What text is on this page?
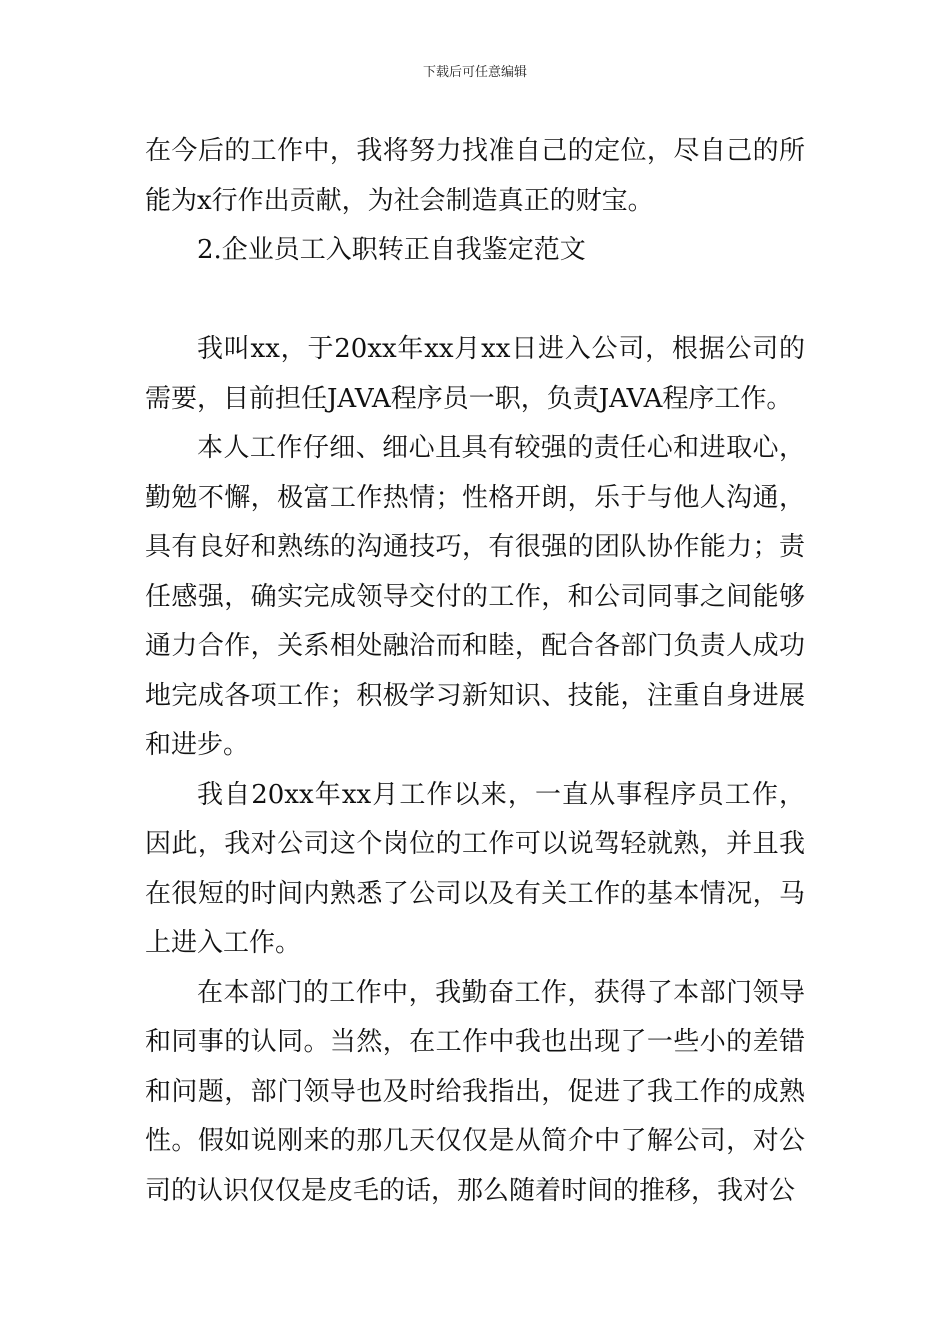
下载后可任意编辑

在今后的工作中，我将努力找准自己的定位，尽自己的所能为x行作出贡献，为社会制造真正的财宝。

2.企业员工入职转正自我鉴定范文

我叫xx，于20xx年xx月xx日进入公司，根据公司的需要，目前担任JAVA程序员一职，负责JAVA程序工作。

本人工作仔细、细心且具有较强的责任心和进取心，勤勉不懈，极富工作热情；性格开朗，乐于与他人沟通，具有良好和熟练的沟通技巧，有很强的团队协作能力；责任感强，确实完成领导交付的工作，和公司同事之间能够通力合作，关系相处融洽而和睦，配合各部门负责人成功地完成各项工作；积极学习新知识、技能，注重自身进展和进步。

我自20xx年xx月工作以来，一直从事程序员工作，因此，我对公司这个岗位的工作可以说驾轻就熟，并且我在很短的时间内熟悉了公司以及有关工作的基本情况，马上进入工作。

在本部门的工作中，我勤奋工作，获得了本部门领导和同事的认同。当然，在工作中我也出现了一些小的差错和问题，部门领导也及时给我指出，促进了我工作的成熟性。假如说刚来的那几天仅仅是从简介中了解公司，对公司的认识仅仅是皮毛的话，那么随着时间的推移，我对公
